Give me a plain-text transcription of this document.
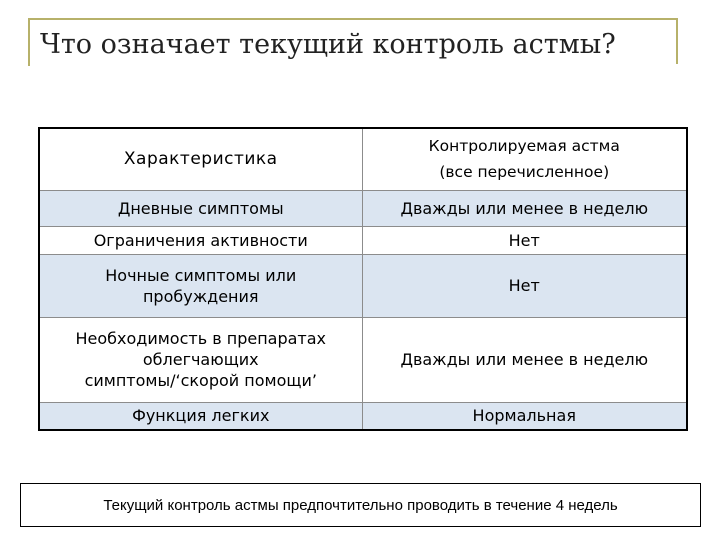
Что означает текущий контроль астмы?
Характеристика	Контролируемая астма
(все перечисленное)

Дневные симптомы	Дважды или менее в неделю
Ограничения активности	Нет

Ночные симптомы или
пробуждения	Нет

Необходимость в препаратах
облегчающих
симптомы/‘скорой помощи’	Дважды или менее в неделю
Функция легких	Нормальная
Текущий контроль астмы предпочтительно проводить в течение 4 недель
